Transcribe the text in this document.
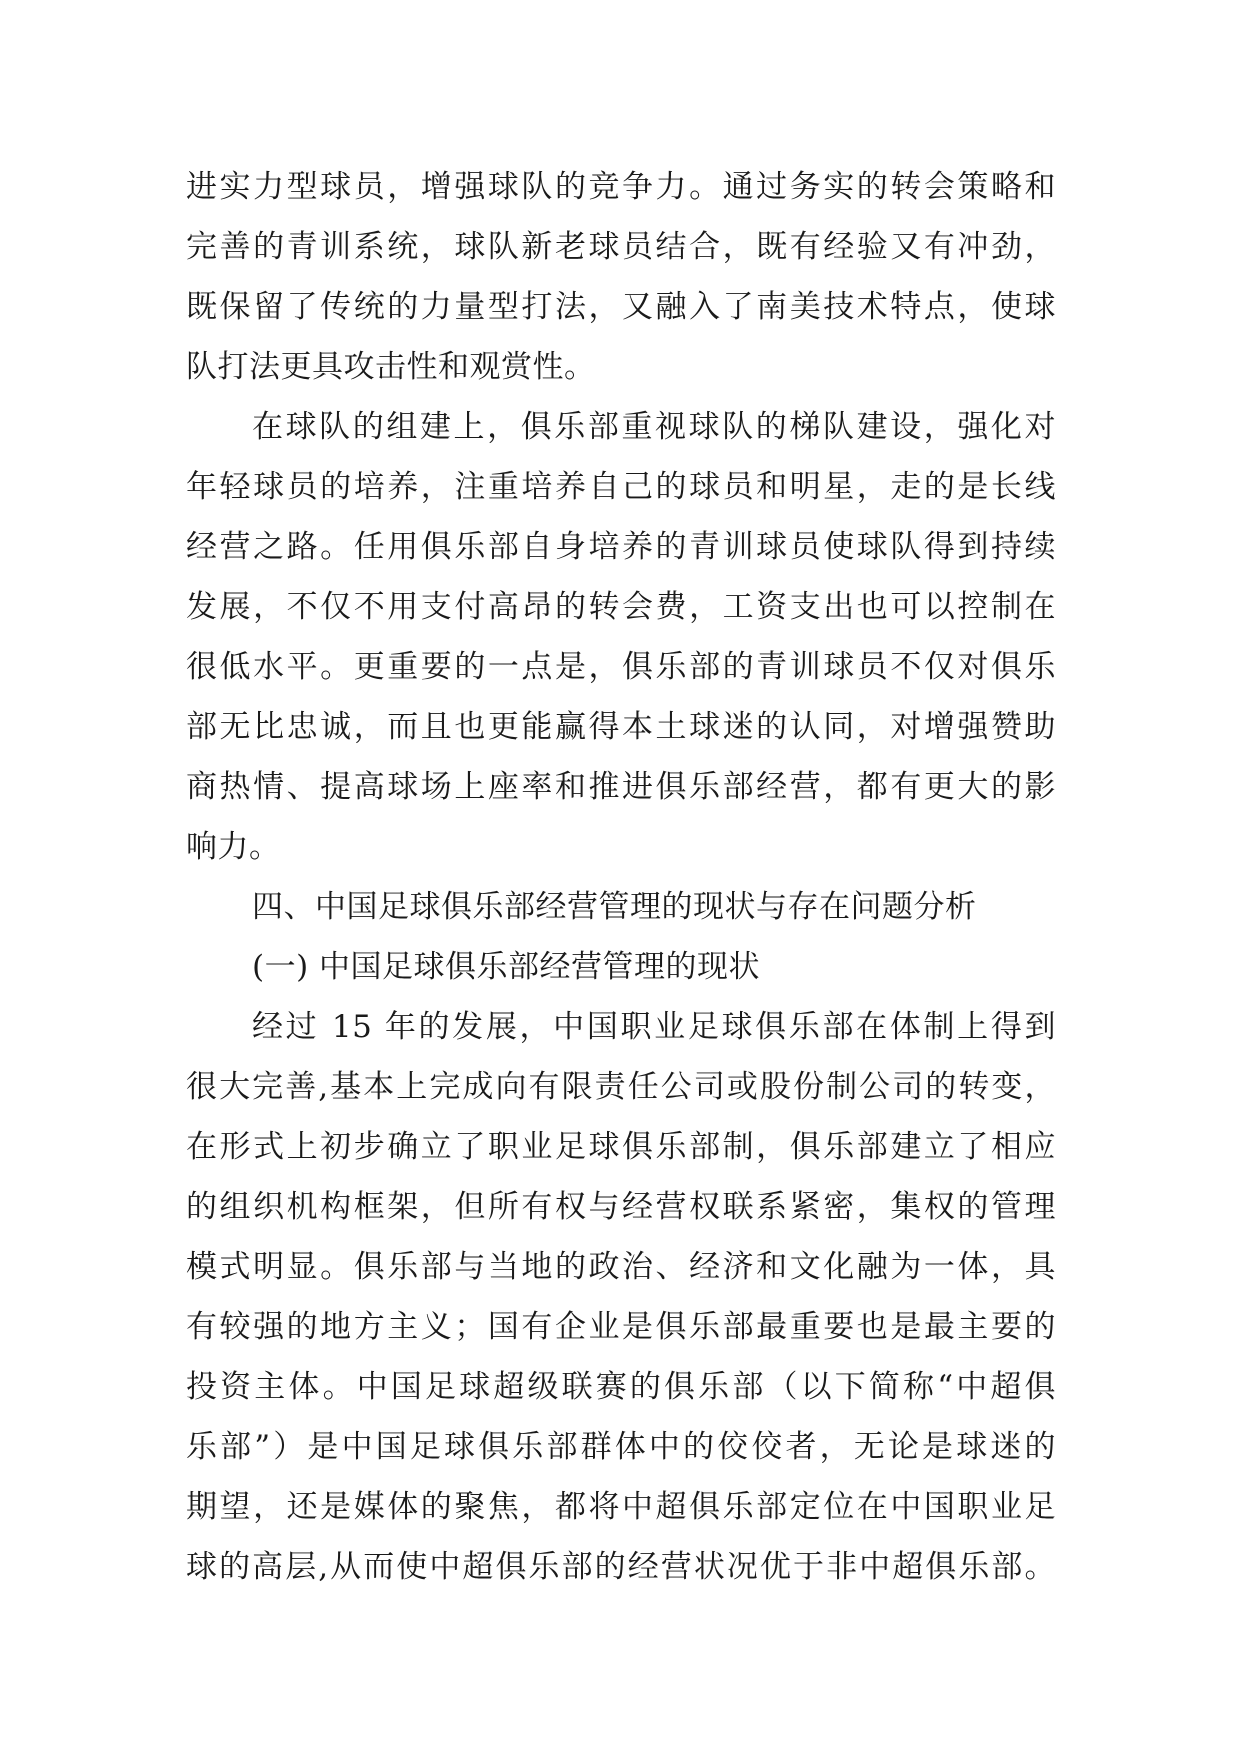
进实力型球员，增强球队的竞争力。通过务实的转会策略和
完善的青训系统，球队新老球员结合，既有经验又有冲劲，
既保留了传统的力量型打法，又融入了南美技术特点，使球
队打法更具攻击性和观赏性。
在球队的组建上，俱乐部重视球队的梯队建设，强化对
年轻球员的培养，注重培养自己的球员和明星，走的是长线
经营之路。任用俱乐部自身培养的青训球员使球队得到持续
发展，不仅不用支付高昂的转会费，工资支出也可以控制在
很低水平。更重要的一点是，俱乐部的青训球员不仅对俱乐
部无比忠诚，而且也更能赢得本土球迷的认同，对增强赞助
商热情、提高球场上座率和推进俱乐部经营，都有更大的影
响力。
四、中国足球俱乐部经营管理的现状与存在问题分析
(一) 中国足球俱乐部经营管理的现状
经过 15 年的发展，中国职业足球俱乐部在体制上得到
很大完善,基本上完成向有限责任公司或股份制公司的转变，
在形式上初步确立了职业足球俱乐部制，俱乐部建立了相应
的组织机构框架，但所有权与经营权联系紧密，集权的管理
模式明显。俱乐部与当地的政治、经济和文化融为一体，具
有较强的地方主义；国有企业是俱乐部最重要也是最主要的
投资主体。中国足球超级联赛的俱乐部（以下简称“中超俱
乐部”）是中国足球俱乐部群体中的佼佼者，无论是球迷的
期望，还是媒体的聚焦，都将中超俱乐部定位在中国职业足
球的高层,从而使中超俱乐部的经营状况优于非中超俱乐部。
